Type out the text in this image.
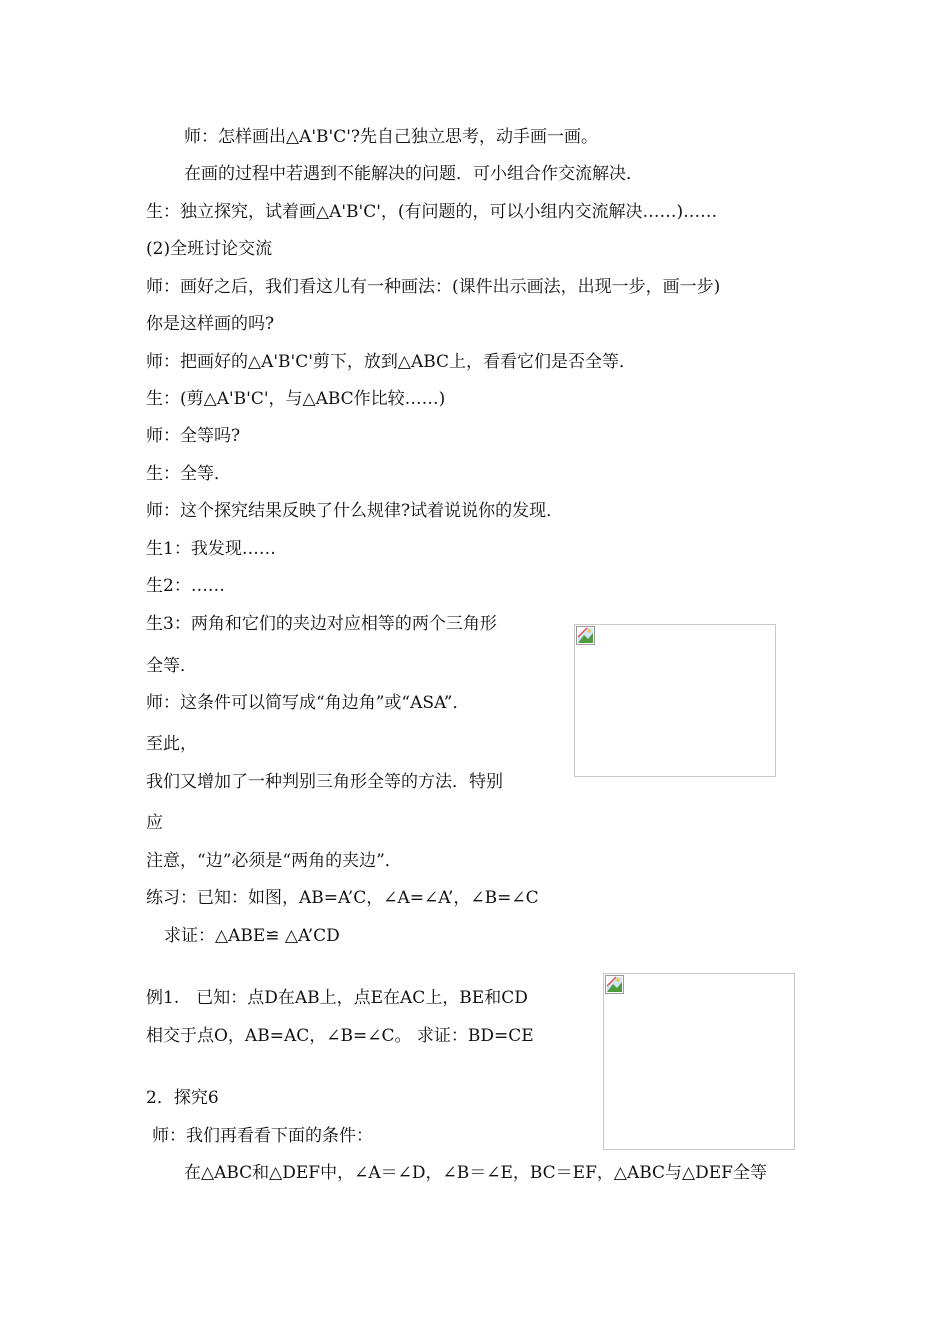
师：怎样画出△A'B'C'?先自己独立思考，动手画一画。
在画的过程中若遇到不能解决的问题．可小组合作交流解决．
生：独立探究，试着画△A'B'C'，(有问题的，可以小组内交流解决……)……
(2)全班讨论交流
师：画好之后，我们看这儿有一种画法：(课件出示画法，出现一步，画一步)
你是这样画的吗?
师：把画好的△A'B'C'剪下，放到△ABC上，看看它们是否全等．
生：(剪△A'B'C'，与△ABC作比较……)
师：全等吗?
生：全等．
师：这个探究结果反映了什么规律?试着说说你的发现．
生1：我发现……
生2：……
生3：两角和它们的夹边对应相等的两个三角形
全等．
师：这条件可以简写成“角边角”或“ASA”．
至此，
我们又增加了一种判别三角形全等的方法．特别
应
注意，“边”必须是“两角的夹边”．
练习：已知：如图，AB=A’C，∠A=∠A’，∠B=∠C
求证：△ABE≌ △A’CD
例1.　已知：点D在AB上，点E在AC上，BE和CD
相交于点O，AB=AC，∠B=∠C。 求证：BD=CE
2．探究6
师：我们再看看下面的条件：
在△ABC和△DEF中，∠A＝∠D，∠B＝∠E，BC＝EF，△ABC与△DEF全等
